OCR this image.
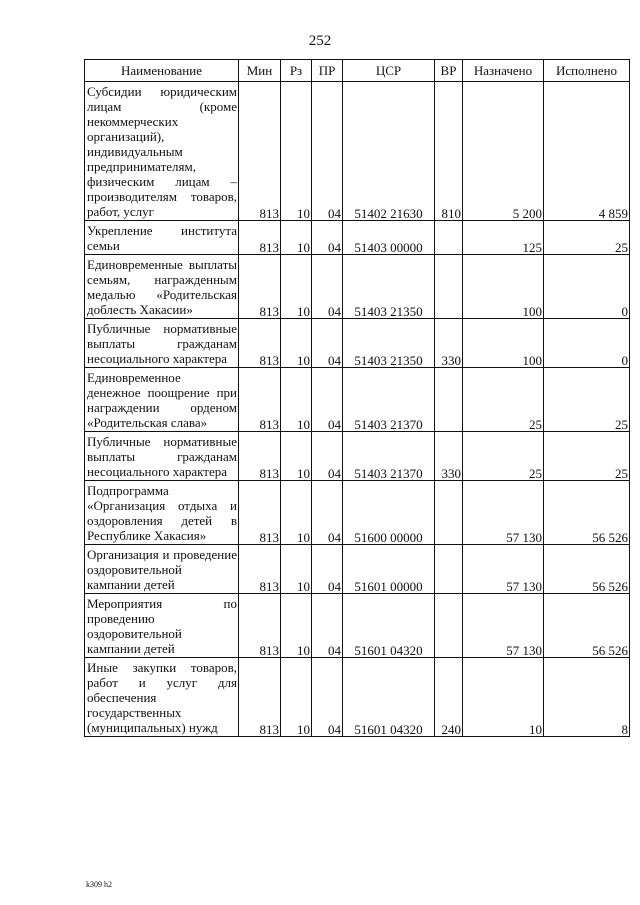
252
Наименование	Мин	Рз	ПР	ЦСР	ВР	Назначено	Исполнено
Субсидии юридическим лицам (кроме некоммерческих организаций), индивидуальным предпринимателям, физическим лицам – производителям товаров, работ, услуг	813	10	04	51402 21630	810	5 200	4 859
Укрепление института семьи	813	10	04	51403 00000		125	25
Единовременные выплаты семьям, награжденным медалью «Родительская доблесть Хакасии»	813	10	04	51403 21350		100	0
Публичные нормативные выплаты гражданам несоциального характера	813	10	04	51403 21350	330	100	0
Единовременное денежное поощрение при награждении орденом «Родительская слава»	813	10	04	51403 21370		25	25
Публичные нормативные выплаты гражданам несоциального характера	813	10	04	51403 21370	330	25	25
Подпрограмма «Организация отдыха и оздоровления детей в Республике Хакасия»	813	10	04	51600 00000		57 130	56 526
Организация и проведение оздоровительной кампании детей	813	10	04	51601 00000		57 130	56 526
Мероприятия по проведению оздоровительной кампании детей	813	10	04	51601 04320		57 130	56 526
Иные закупки товаров, работ и услуг для обеспечения государственных (муниципальных) нужд	813	10	04	51601 04320	240	10	8
k309 h2
